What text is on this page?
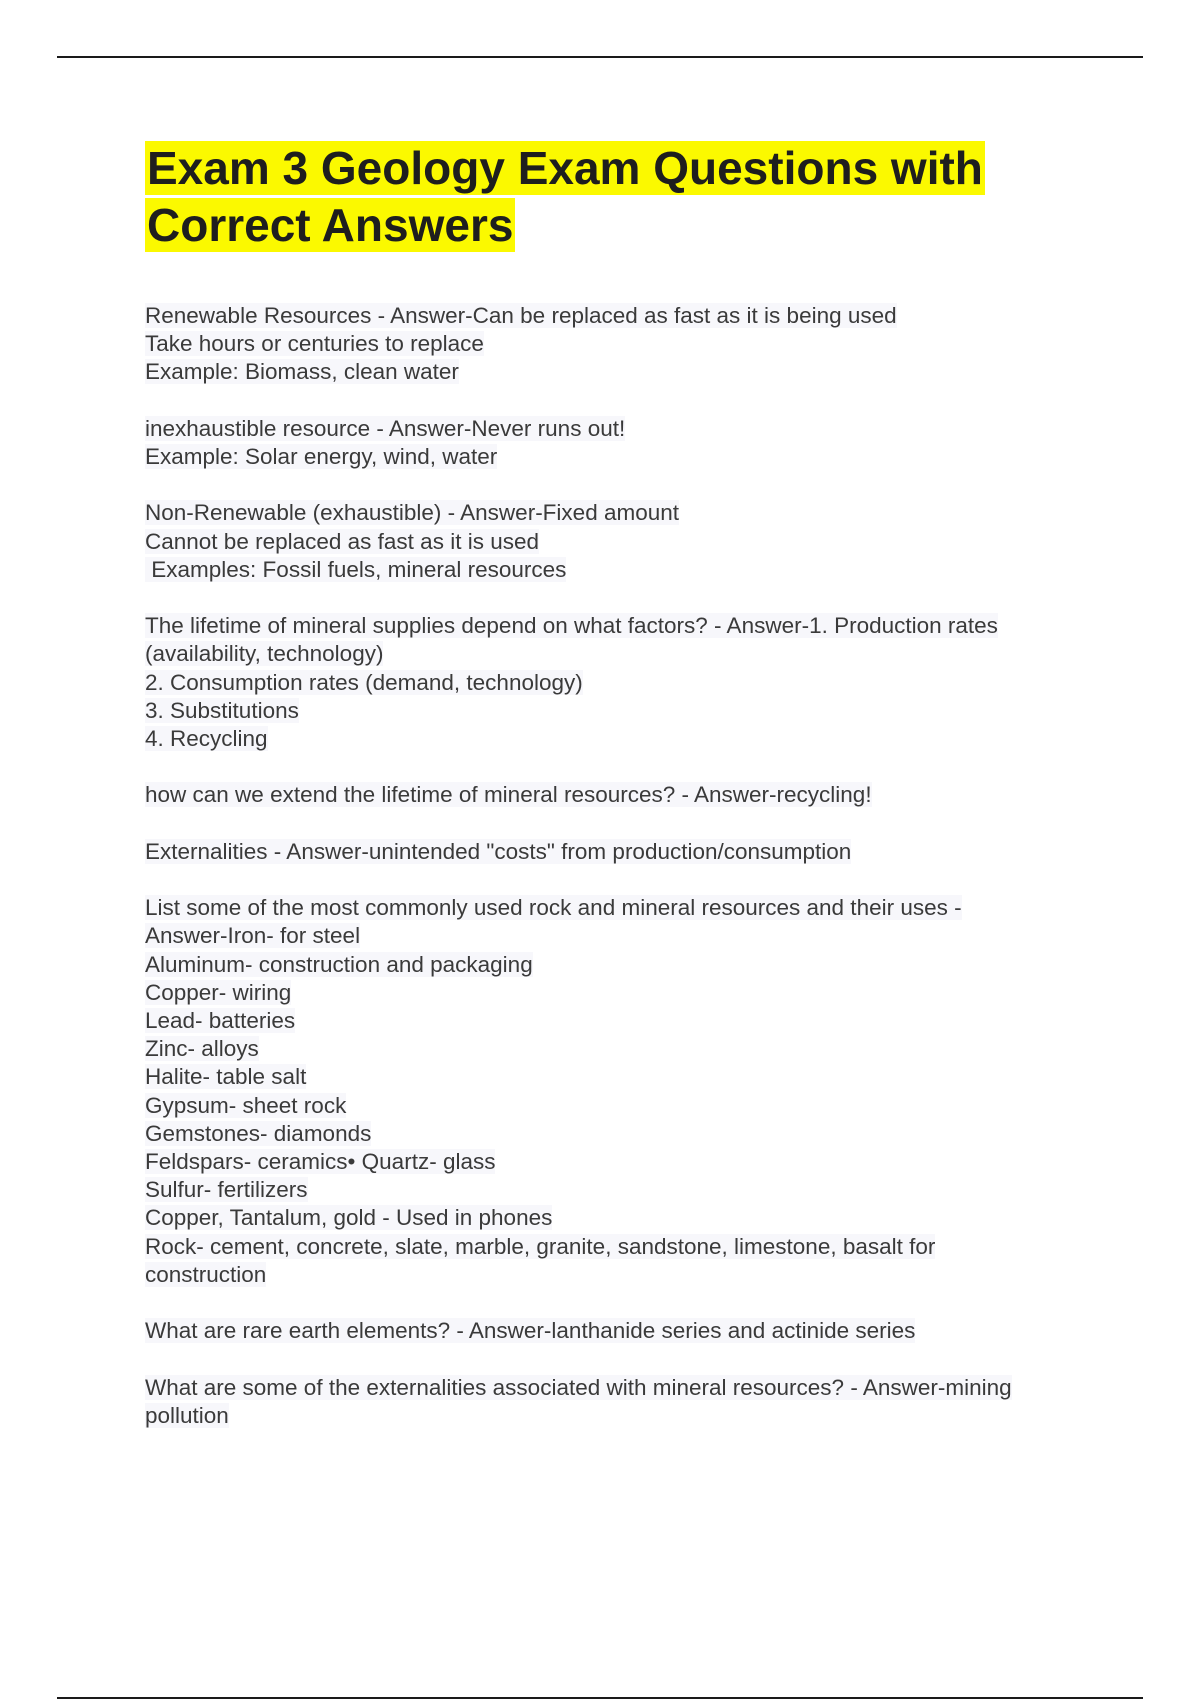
Exam 3 Geology Exam Questions with
Correct Answers
Renewable Resources - Answer-Can be replaced as fast as it is being used
Take hours or centuries to replace
Example: Biomass, clean water
inexhaustible resource - Answer-Never runs out!
Example: Solar energy, wind, water
Non-Renewable (exhaustible) - Answer-Fixed amount
Cannot be replaced as fast as it is used
Examples: Fossil fuels, mineral resources
The lifetime of mineral supplies depend on what factors? - Answer-1. Production rates
(availability, technology)
2. Consumption rates (demand, technology)
3. Substitutions
4. Recycling
how can we extend the lifetime of mineral resources? - Answer-recycling!
Externalities - Answer-unintended "costs" from production/consumption
List some of the most commonly used rock and mineral resources and their uses -
Answer-Iron- for steel
Aluminum- construction and packaging
Copper- wiring
Lead- batteries
Zinc- alloys
Halite- table salt
Gypsum- sheet rock
Gemstones- diamonds
Feldspars- ceramics• Quartz- glass
Sulfur- fertilizers
Copper, Tantalum, gold - Used in phones
Rock- cement, concrete, slate, marble, granite, sandstone, limestone, basalt for
construction
What are rare earth elements? - Answer-lanthanide series and actinide series
What are some of the externalities associated with mineral resources? - Answer-mining
pollution
